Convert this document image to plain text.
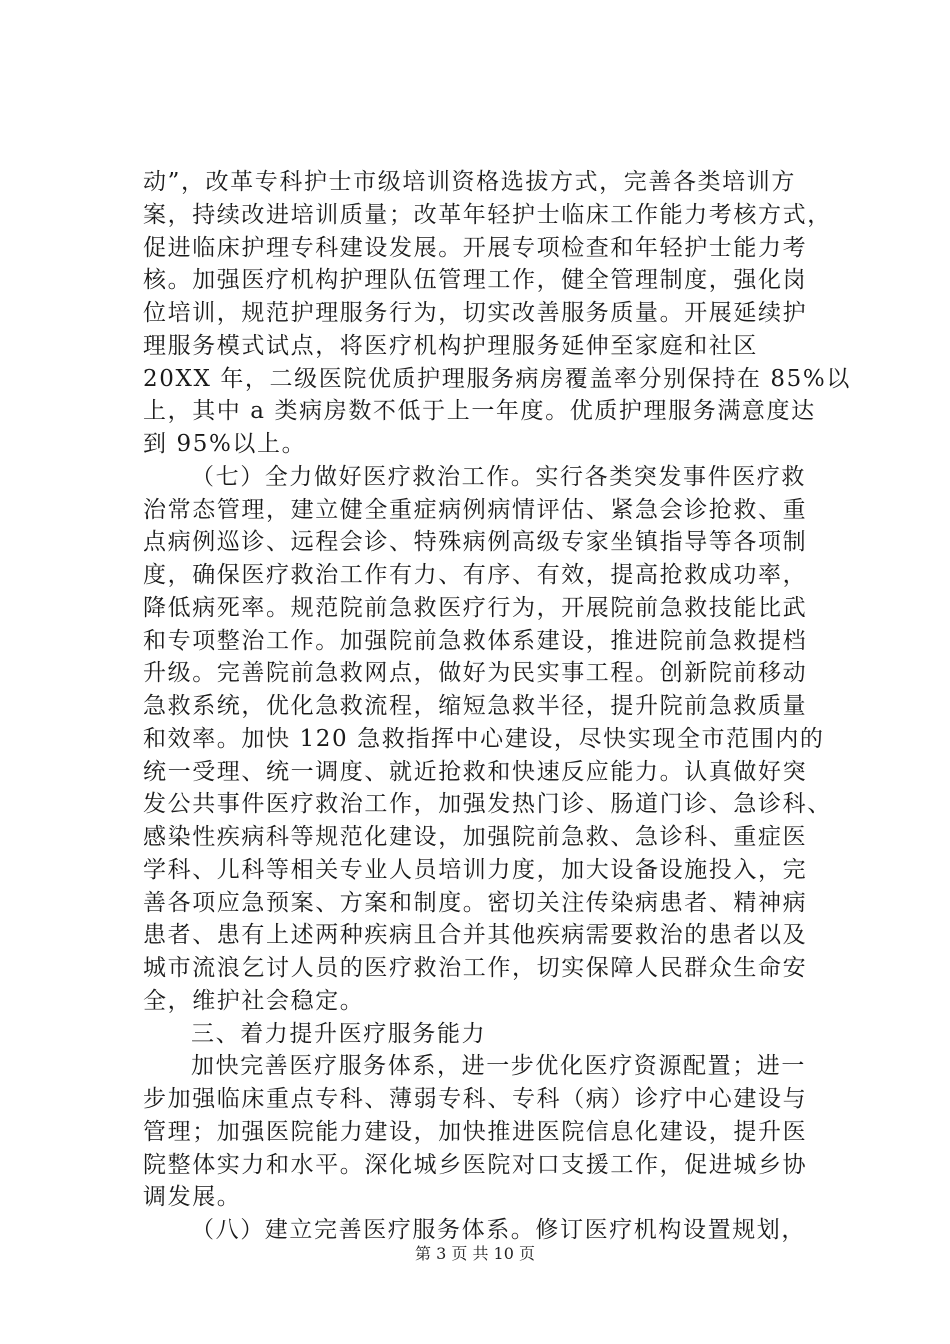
动”，改革专科护士市级培训资格选拔方式，完善各类培训方
案，持续改进培训质量；改革年轻护士临床工作能力考核方式，
促进临床护理专科建设发展。开展专项检查和年轻护士能力考
核。加强医疗机构护理队伍管理工作，健全管理制度，强化岗
位培训，规范护理服务行为，切实改善服务质量。开展延续护
理服务模式试点，将医疗机构护理服务延伸至家庭和社区
20XX 年，二级医院优质护理服务病房覆盖率分别保持在 85%以
上，其中 a 类病房数不低于上一年度。优质护理服务满意度达
到 95%以上。
（七）全力做好医疗救治工作。实行各类突发事件医疗救
治常态管理，建立健全重症病例病情评估、紧急会诊抢救、重
点病例巡诊、远程会诊、特殊病例高级专家坐镇指导等各项制
度，确保医疗救治工作有力、有序、有效，提高抢救成功率，
降低病死率。规范院前急救医疗行为，开展院前急救技能比武
和专项整治工作。加强院前急救体系建设，推进院前急救提档
升级。完善院前急救网点，做好为民实事工程。创新院前移动
急救系统，优化急救流程，缩短急救半径，提升院前急救质量
和效率。加快 120 急救指挥中心建设，尽快实现全市范围内的
统一受理、统一调度、就近抢救和快速反应能力。认真做好突
发公共事件医疗救治工作，加强发热门诊、肠道门诊、急诊科、
感染性疾病科等规范化建设，加强院前急救、急诊科、重症医
学科、儿科等相关专业人员培训力度，加大设备设施投入，完
善各项应急预案、方案和制度。密切关注传染病患者、精神病
患者、患有上述两种疾病且合并其他疾病需要救治的患者以及
城市流浪乞讨人员的医疗救治工作，切实保障人民群众生命安
全，维护社会稳定。
三、着力提升医疗服务能力
加快完善医疗服务体系，进一步优化医疗资源配置；进一
步加强临床重点专科、薄弱专科、专科（病）诊疗中心建设与
管理；加强医院能力建设，加快推进医院信息化建设，提升医
院整体实力和水平。深化城乡医院对口支援工作，促进城乡协
调发展。
（八）建立完善医疗服务体系。修订医疗机构设置规划，
第 3 页 共 10 页
